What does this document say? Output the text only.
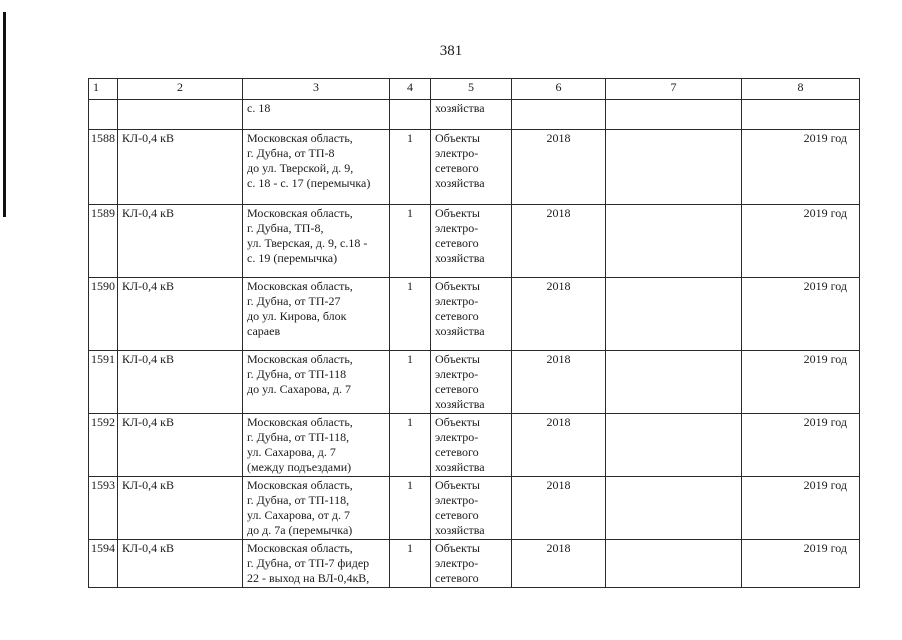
381
1	2	3	4	5	6	7	8
		с. 18		хозяйства			
1588	КЛ-0,4 кВ	Московская область,
г. Дубна, от ТП-8
до ул. Тверской, д. 9,
с. 18 - с. 17 (перемычка)	1	Объекты
электро-
сетевого
хозяйства	2018		2019 год
1589	КЛ-0,4 кВ	Московская область,
г. Дубна, ТП-8,
ул. Тверская, д. 9, с.18 -
с. 19 (перемычка)	1	Объекты
электро-
сетевого
хозяйства	2018		2019 год
1590	КЛ-0,4 кВ	Московская область,
г. Дубна, от ТП-27
до ул. Кирова, блок
сараев	1	Объекты
электро-
сетевого
хозяйства	2018		2019 год
1591	КЛ-0,4 кВ	Московская область,
г. Дубна, от ТП-118
до ул. Сахарова, д. 7	1	Объекты
электро-
сетевого
хозяйства	2018		2019 год
1592	КЛ-0,4 кВ	Московская область,
г. Дубна, от ТП-118,
ул. Сахарова, д. 7
(между подъездами)	1	Объекты
электро-
сетевого
хозяйства	2018		2019 год
1593	КЛ-0,4 кВ	Московская область,
г. Дубна, от ТП-118,
ул. Сахарова, от д. 7
до д. 7а (перемычка)	1	Объекты
электро-
сетевого
хозяйства	2018		2019 год
1594	КЛ-0,4 кВ	Московская область,
г. Дубна, от ТП-7 фидер
22 - выход на ВЛ-0,4кВ,	1	Объекты
электро-
сетевого	2018		2019 год
